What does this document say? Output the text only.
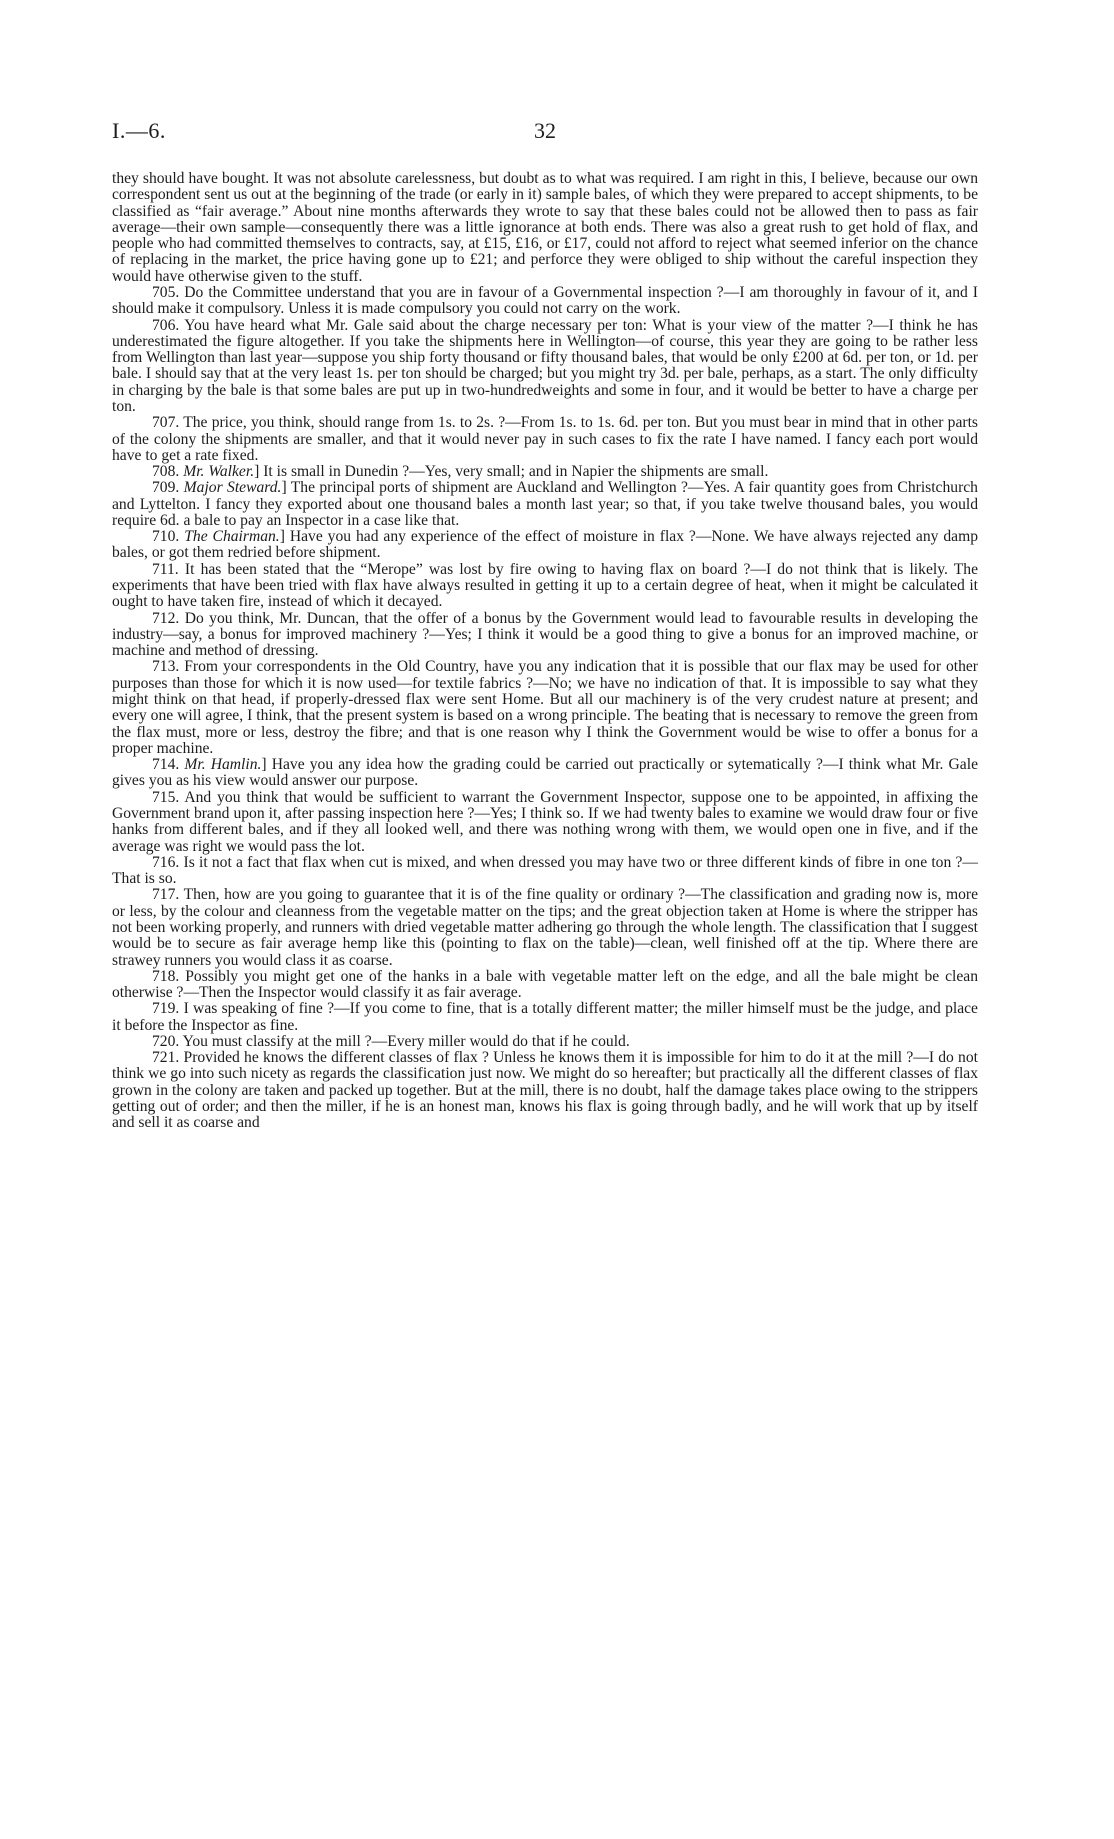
I.—6.	32

they should have bought. It was not absolute carelessness, but doubt as to what was required. I am right in this, I believe, because our own correspondent sent us out at the beginning of the trade (or early in it) sample bales, of which they were prepared to accept shipments, to be classified as “fair average.” About nine months afterwards they wrote to say that these bales could not be allowed then to pass as fair average—their own sample—consequently there was a little ignorance at both ends. There was also a great rush to get hold of flax, and people who had committed themselves to contracts, say, at £15, £16, or £17, could not afford to reject what seemed inferior on the chance of replacing in the market, the price having gone up to £21; and perforce they were obliged to ship without the careful inspection they would have otherwise given to the stuff.

705. Do the Committee understand that you are in favour of a Governmental inspection ?—I am thoroughly in favour of it, and I should make it compulsory. Unless it is made compulsory you could not carry on the work.

706. You have heard what Mr. Gale said about the charge necessary per ton: What is your view of the matter ?—I think he has underestimated the figure altogether. If you take the shipments here in Wellington—of course, this year they are going to be rather less from Wellington than last year—suppose you ship forty thousand or fifty thousand bales, that would be only £200 at 6d. per ton, or 1d. per bale. I should say that at the very least 1s. per ton should be charged; but you might try 3d. per bale, perhaps, as a start. The only difficulty in charging by the bale is that some bales are put up in two-hundredweights and some in four, and it would be better to have a charge per ton.

707. The price, you think, should range from 1s. to 2s. ?—From 1s. to 1s. 6d. per ton. But you must bear in mind that in other parts of the colony the shipments are smaller, and that it would never pay in such cases to fix the rate I have named. I fancy each port would have to get a rate fixed.

708. Mr. Walker.] It is small in Dunedin ?—Yes, very small; and in Napier the shipments are small.

709. Major Steward.] The principal ports of shipment are Auckland and Wellington ?—Yes. A fair quantity goes from Christchurch and Lyttelton. I fancy they exported about one thousand bales a month last year; so that, if you take twelve thousand bales, you would require 6d. a bale to pay an Inspector in a case like that.

710. The Chairman.] Have you had any experience of the effect of moisture in flax ?—None. We have always rejected any damp bales, or got them redried before shipment.

711. It has been stated that the “Merope” was lost by fire owing to having flax on board ?—I do not think that is likely. The experiments that have been tried with flax have always resulted in getting it up to a certain degree of heat, when it might be calculated it ought to have taken fire, instead of which it decayed.

712. Do you think, Mr. Duncan, that the offer of a bonus by the Government would lead to favourable results in developing the industry—say, a bonus for improved machinery ?—Yes; I think it would be a good thing to give a bonus for an improved machine, or machine and method of dressing.

713. From your correspondents in the Old Country, have you any indication that it is possible that our flax may be used for other purposes than those for which it is now used—for textile fabrics ?—No; we have no indication of that. It is impossible to say what they might think on that head, if properly-dressed flax were sent Home. But all our machinery is of the very crudest nature at present; and every one will agree, I think, that the present system is based on a wrong principle. The beating that is necessary to remove the green from the flax must, more or less, destroy the fibre; and that is one reason why I think the Government would be wise to offer a bonus for a proper machine.

714. Mr. Hamlin.] Have you any idea how the grading could be carried out practically or sytematically ?—I think what Mr. Gale gives you as his view would answer our purpose.

715. And you think that would be sufficient to warrant the Government Inspector, suppose one to be appointed, in affixing the Government brand upon it, after passing inspection here ?—Yes; I think so. If we had twenty bales to examine we would draw four or five hanks from different bales, and if they all looked well, and there was nothing wrong with them, we would open one in five, and if the average was right we would pass the lot.

716. Is it not a fact that flax when cut is mixed, and when dressed you may have two or three different kinds of fibre in one ton ?—That is so.

717. Then, how are you going to guarantee that it is of the fine quality or ordinary ?—The classification and grading now is, more or less, by the colour and cleanness from the vegetable matter on the tips; and the great objection taken at Home is where the stripper has not been working properly, and runners with dried vegetable matter adhering go through the whole length. The classification that I suggest would be to secure as fair average hemp like this (pointing to flax on the table)—clean, well finished off at the tip. Where there are strawey runners you would class it as coarse.

718. Possibly you might get one of the hanks in a bale with vegetable matter left on the edge, and all the bale might be clean otherwise ?—Then the Inspector would classify it as fair average.

719. I was speaking of fine ?—If you come to fine, that is a totally different matter; the miller himself must be the judge, and place it before the Inspector as fine.

720. You must classify at the mill ?—Every miller would do that if he could.

721. Provided he knows the different classes of flax ? Unless he knows them it is impossible for him to do it at the mill ?—I do not think we go into such nicety as regards the classification just now. We might do so hereafter; but practically all the different classes of flax grown in the colony are taken and packed up together. But at the mill, there is no doubt, half the damage takes place owing to the strippers getting out of order; and then the miller, if he is an honest man, knows his flax is going through badly, and he will work that up by itself and sell it as coarse and
